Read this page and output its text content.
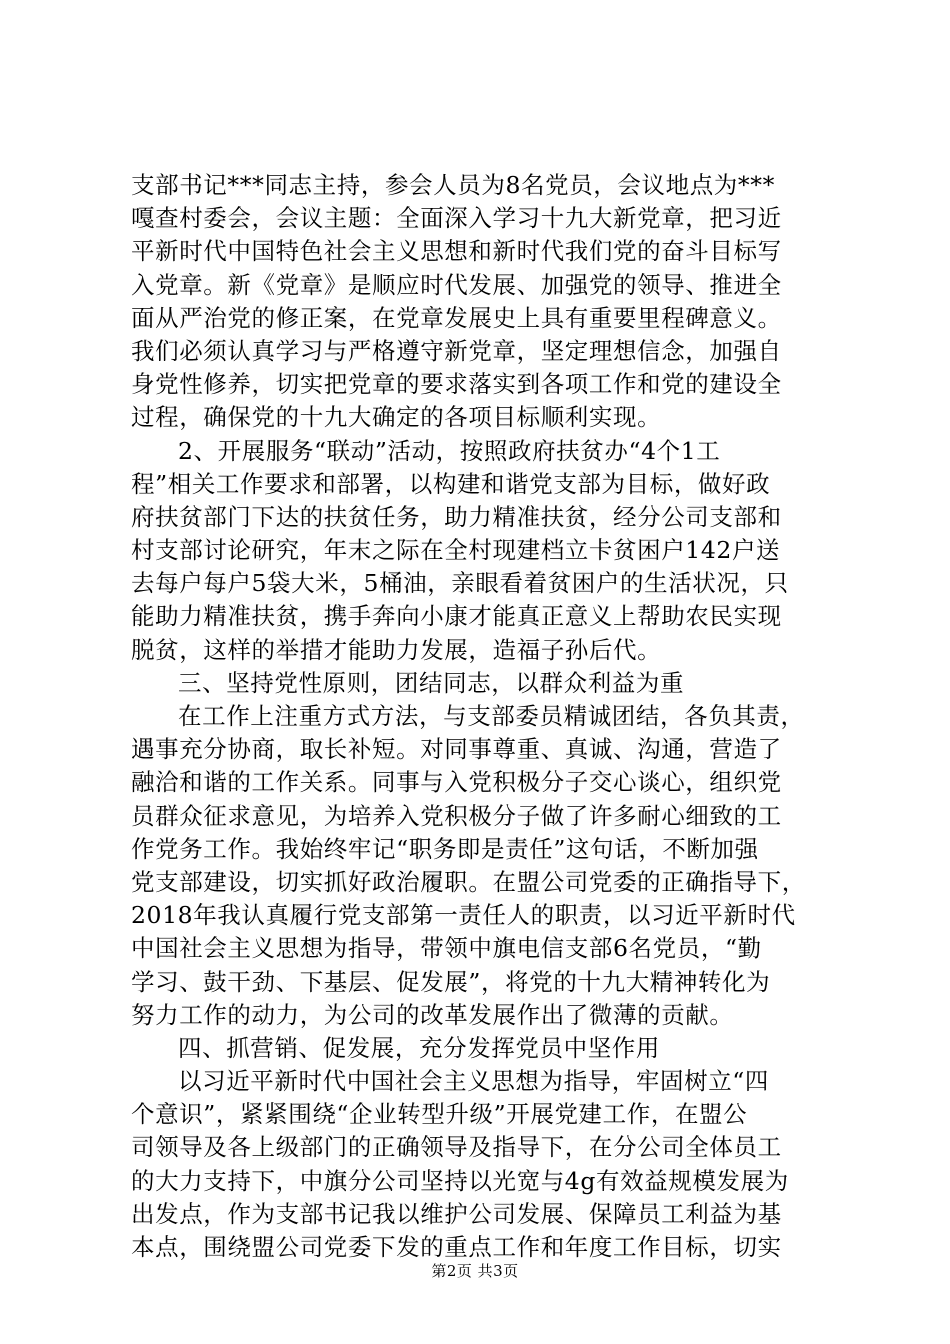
支部书记***同志主持，参会人员为8名党员，会议地点为***
嘎查村委会，会议主题：全面深入学习十九大新党章，把习近
平新时代中国特色社会主义思想和新时代我们党的奋斗目标写
入党章。新《党章》是顺应时代发展、加强党的领导、推进全
面从严治党的修正案，在党章发展史上具有重要里程碑意义。
我们必须认真学习与严格遵守新党章，坚定理想信念，加强自
身党性修养，切实把党章的要求落实到各项工作和党的建设全
过程，确保党的十九大确定的各项目标顺利实现。
2、开展服务“联动”活动，按照政府扶贫办“4个1工
程”相关工作要求和部署，以构建和谐党支部为目标，做好政
府扶贫部门下达的扶贫任务，助力精准扶贫，经分公司支部和
村支部讨论研究，年末之际在全村现建档立卡贫困户142户送
去每户每户5袋大米，5桶油，亲眼看着贫困户的生活状况，只
能助力精准扶贫，携手奔向小康才能真正意义上帮助农民实现
脱贫，这样的举措才能助力发展，造福子孙后代。
三、坚持党性原则，团结同志，以群众利益为重
在工作上注重方式方法，与支部委员精诚团结，各负其责，
遇事充分协商，取长补短。对同事尊重、真诚、沟通，营造了
融洽和谐的工作关系。同事与入党积极分子交心谈心，组织党
员群众征求意见，为培养入党积极分子做了许多耐心细致的工
作党务工作。我始终牢记“职务即是责任”这句话，不断加强
党支部建设，切实抓好政治履职。在盟公司党委的正确指导下，
2018年我认真履行党支部第一责任人的职责，以习近平新时代
中国社会主义思想为指导，带领中旗电信支部6名党员，“勤
学习、鼓干劲、下基层、促发展”，将党的十九大精神转化为
努力工作的动力，为公司的改革发展作出了微薄的贡献。
四、抓营销、促发展，充分发挥党员中坚作用
以习近平新时代中国社会主义思想为指导，牢固树立“四
个意识”，紧紧围绕“企业转型升级”开展党建工作，在盟公
司领导及各上级部门的正确领导及指导下，在分公司全体员工
的大力支持下，中旗分公司坚持以光宽与4g有效益规模发展为
出发点，作为支部书记我以维护公司发展、保障员工利益为基
本点，围绕盟公司党委下发的重点工作和年度工作目标，切实
第2页 共3页
